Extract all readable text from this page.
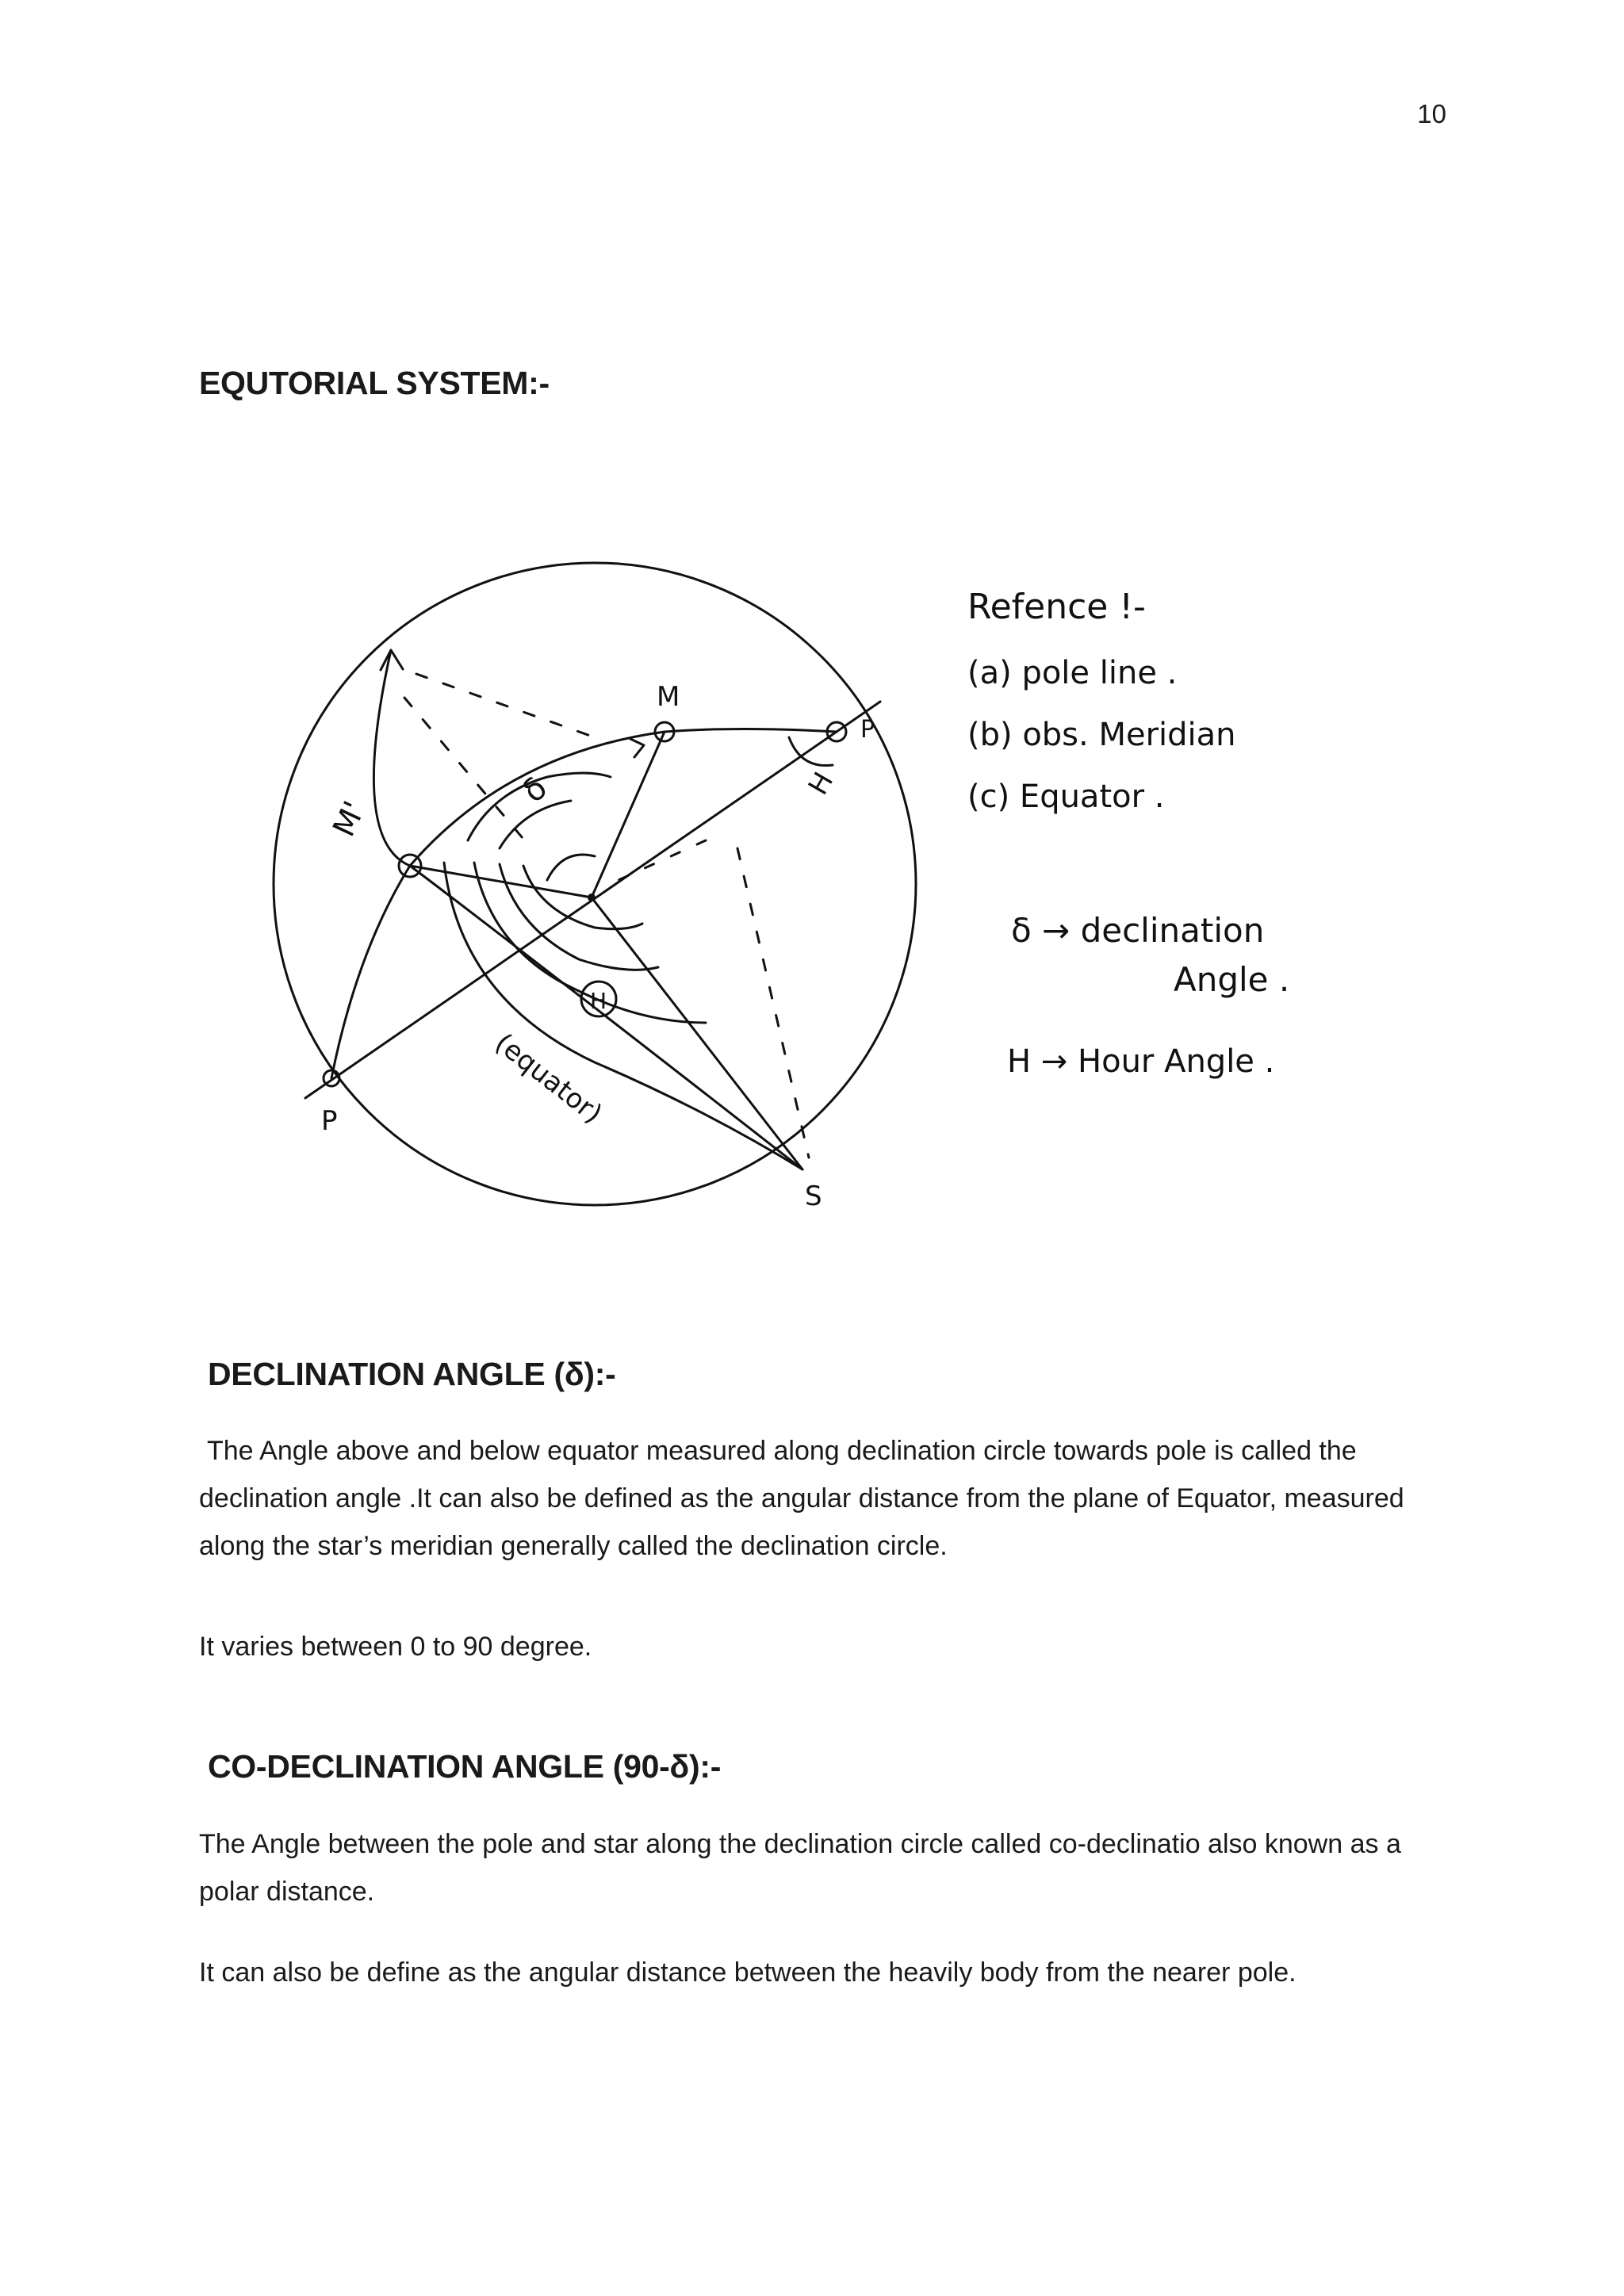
10
EQUTORIAL SYSTEM:-
M
P
M'
δ	H
H
P
S
(equator)
Refence !-
(a) pole line .
(b) obs. Meridian
(c) Equator .
δ → declination
Angle .
H → Hour Angle .
DECLINATION ANGLE (δ):-
The Angle above and below equator measured along declination circle towards pole is called the declination angle .It can also be defined as the angular distance from the plane of Equator, measured along the star’s meridian generally called the declination circle.
It varies between 0 to 90 degree.
CO-DECLINATION ANGLE (90-δ):-
The Angle between the pole and star along the declination circle called co-declinatio also known as a polar distance.
It can also be define as the angular distance between the heavily body from the nearer pole.
